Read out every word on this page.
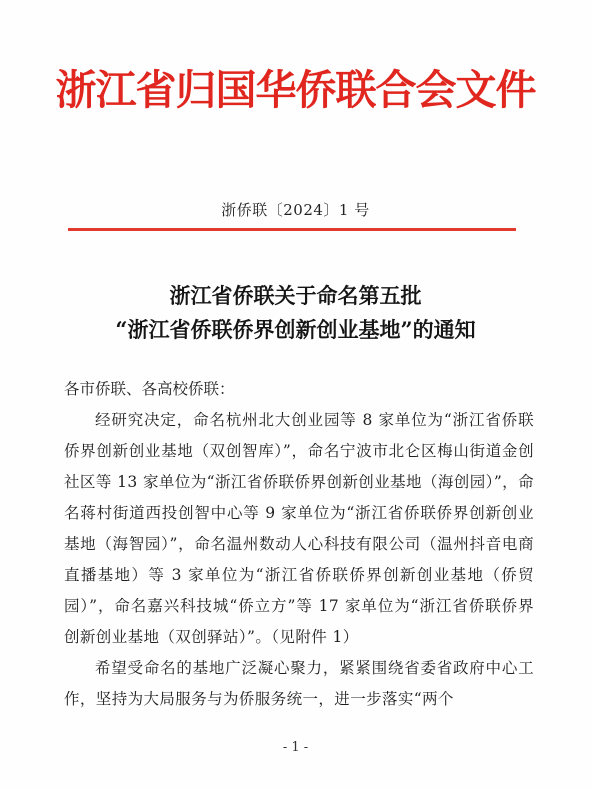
浙江省归国华侨联合会文件
浙侨联〔2024〕1 号
浙江省侨联关于命名第五批
“浙江省侨联侨界创新创业基地”的通知
各市侨联、各高校侨联：

经研究决定，命名杭州北大创业园等 8 家单位为“浙江省侨联侨界创新创业基地（双创智库）”，命名宁波市北仑区梅山街道金创社区等 13 家单位为“浙江省侨联侨界创新创业基地（海创园）”，命名蒋村街道西投创智中心等 9 家单位为“浙江省侨联侨界创新创业基地（海智园）”，命名温州数动人心科技有限公司（温州抖音电商直播基地）等 3 家单位为“浙江省侨联侨界创新创业基地（侨贸园）”，命名嘉兴科技城“侨立方”等 17 家单位为“浙江省侨联侨界创新创业基地（双创驿站）”。（见附件 1）

希望受命名的基地广泛凝心聚力，紧紧围绕省委省政府中心工作，坚持为大局服务与为侨服务统一，进一步落实“两个

- 1 -
